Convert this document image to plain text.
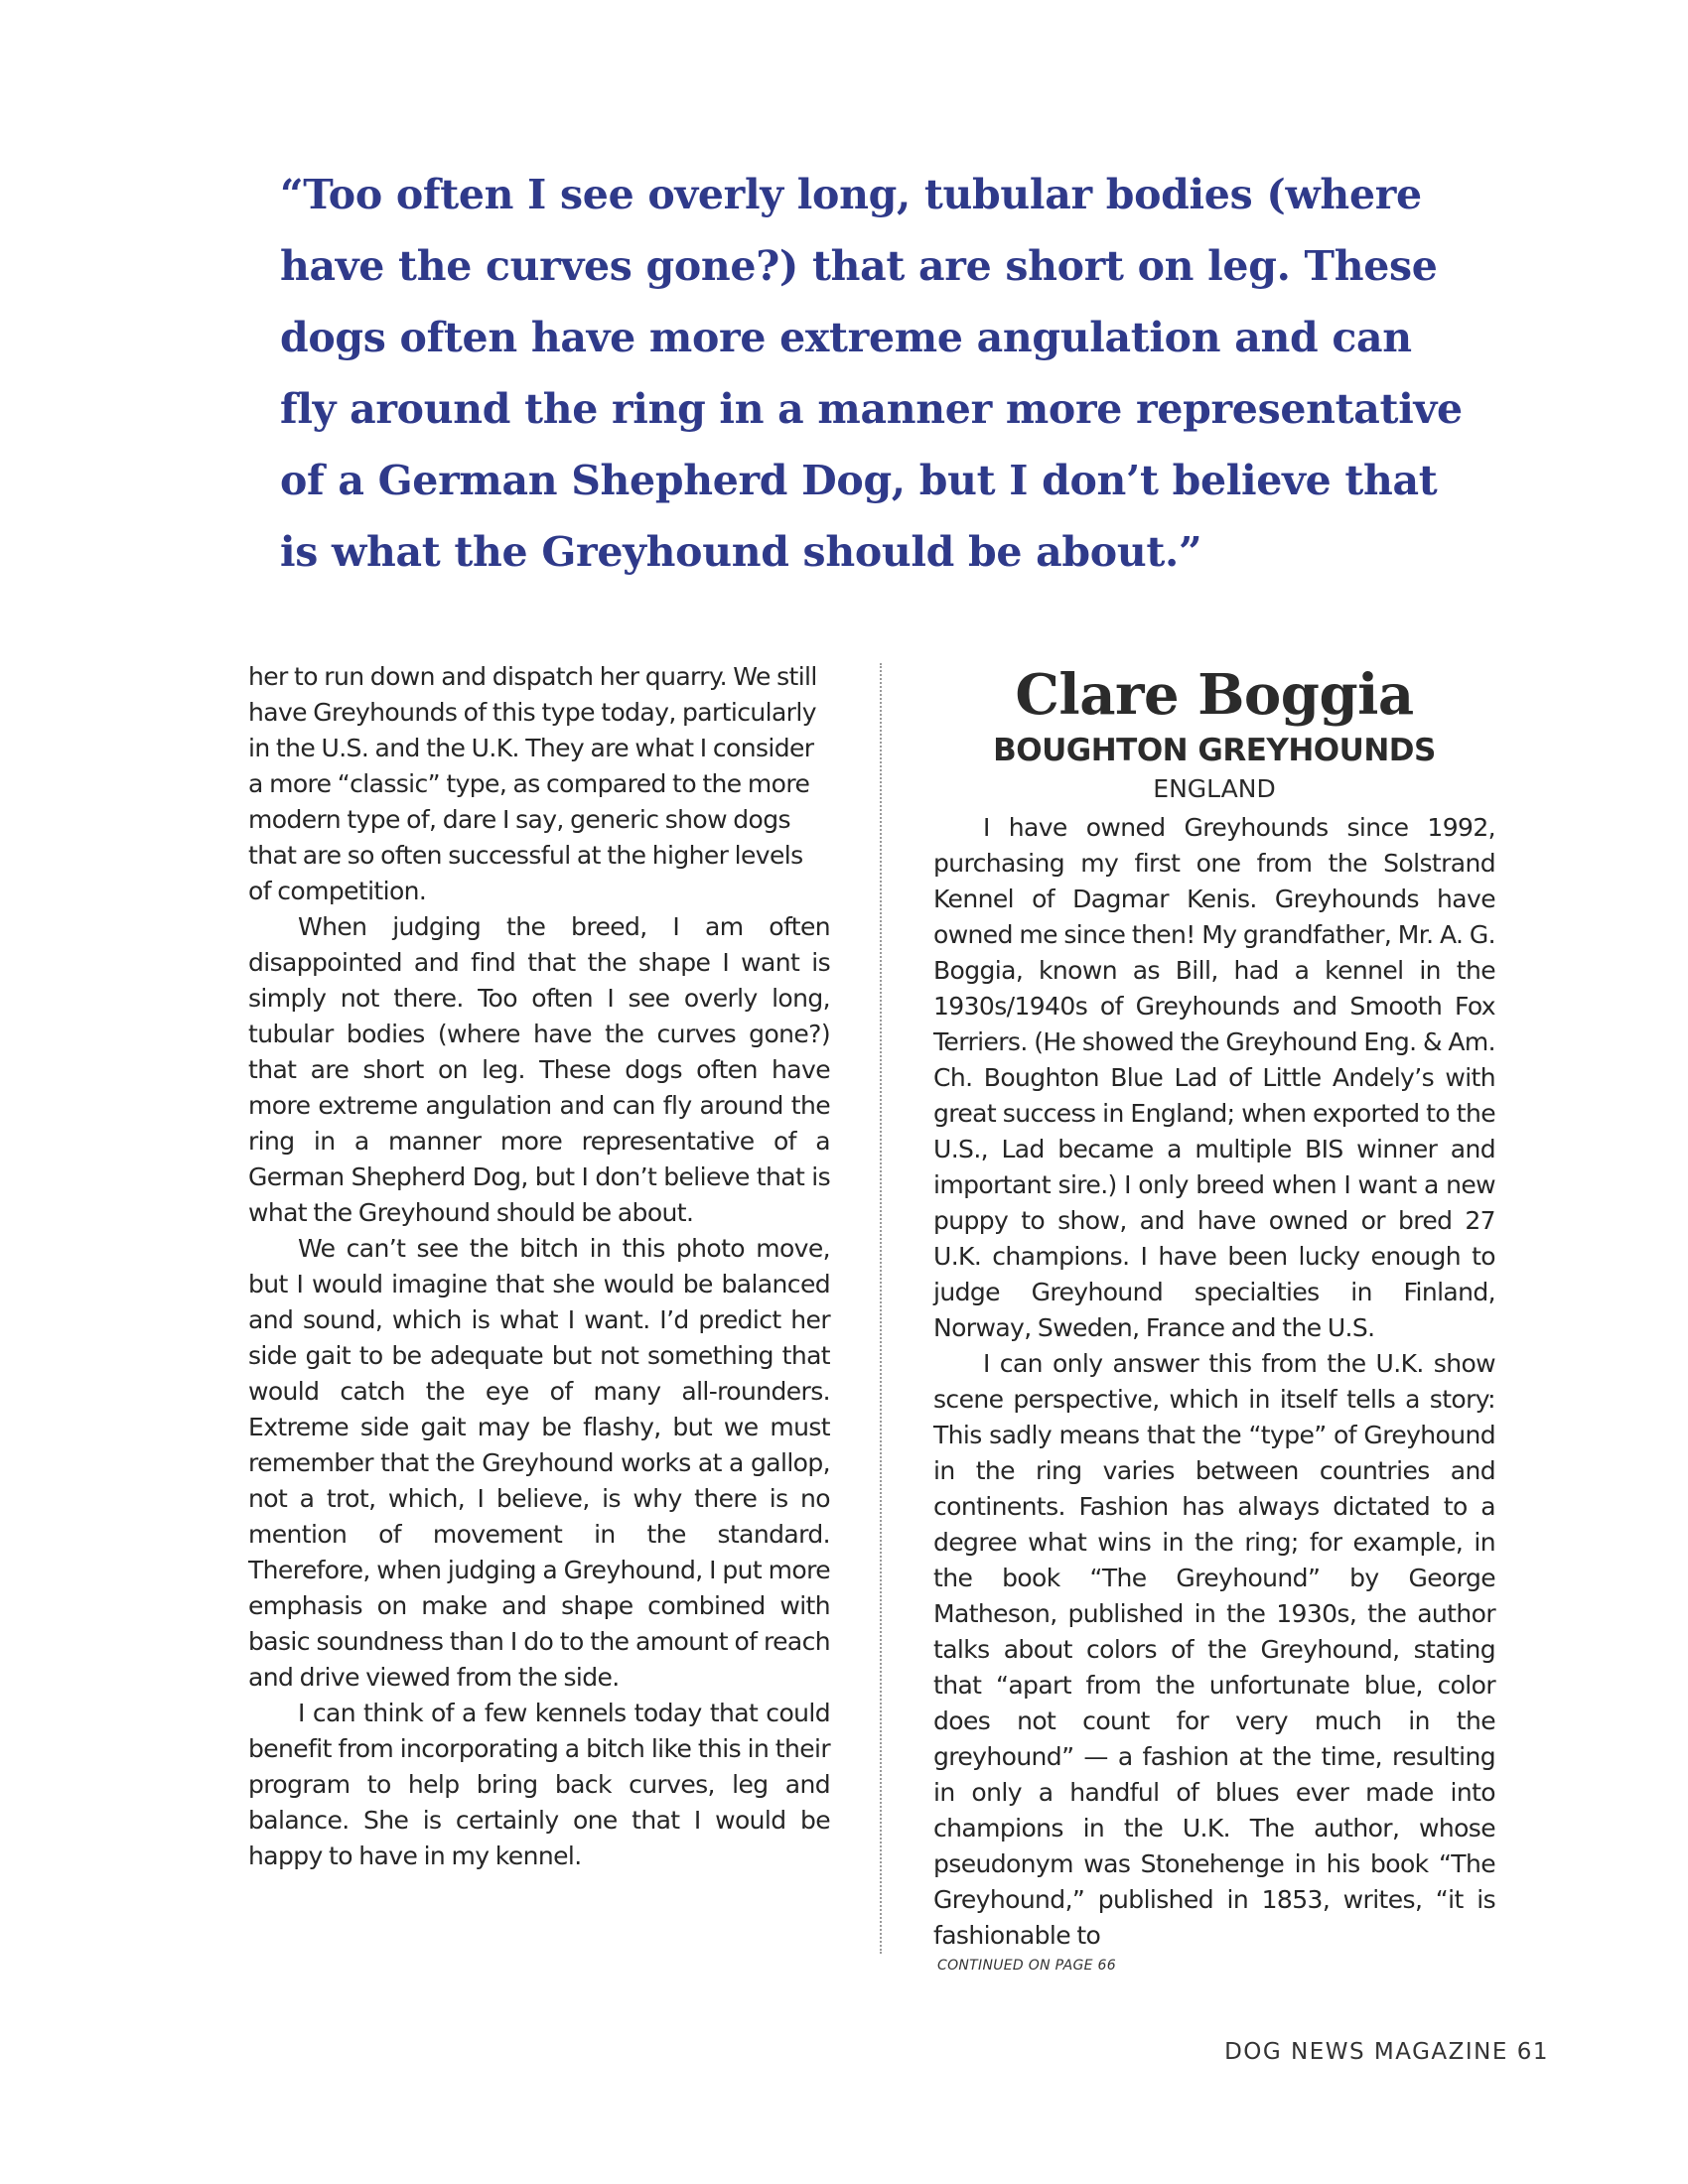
“Too often I see overly long, tubular bodies (where have the curves gone?) that are short on leg. These dogs often have more extreme angulation and can fly around the ring in a manner more representative of a German Shepherd Dog, but I don’t believe that is what the Greyhound should be about.”

her to run down and dispatch her quarry. We still have Greyhounds of this type today, particularly in the U.S. and the U.K. They are what I consider a more “classic” type, as compared to the more modern type of, dare I say, generic show dogs that are so often successful at the higher levels of competition.

When judging the breed, I am often disappointed and find that the shape I want is simply not there. Too often I see overly long, tubular bodies (where have the curves gone?) that are short on leg. These dogs often have more extreme angulation and can fly around the ring in a manner more representative of a German Shepherd Dog, but I don’t believe that is what the Greyhound should be about.

We can’t see the bitch in this photo move, but I would imagine that she would be balanced and sound, which is what I want. I’d predict her side gait to be adequate but not something that would catch the eye of many all-rounders. Extreme side gait may be flashy, but we must remember that the Greyhound works at a gallop, not a trot, which, I believe, is why there is no mention of movement in the standard. Therefore, when judging a Greyhound, I put more emphasis on make and shape combined with basic soundness than I do to the amount of reach and drive viewed from the side.

I can think of a few kennels today that could benefit from incorporating a bitch like this in their program to help bring back curves, leg and balance. She is certainly one that I would be happy to have in my kennel.

Clare Boggia
BOUGHTON GREYHOUNDS
ENGLAND

I have owned Greyhounds since 1992, purchasing my first one from the Solstrand Kennel of Dagmar Kenis. Greyhounds have owned me since then! My grandfather, Mr. A. G. Boggia, known as Bill, had a kennel in the 1930s/1940s of Greyhounds and Smooth Fox Terriers. (He showed the Greyhound Eng. & Am. Ch. Boughton Blue Lad of Little Andely’s with great success in England; when exported to the U.S., Lad became a multiple BIS winner and important sire.) I only breed when I want a new puppy to show, and have owned or bred 27 U.K. champions. I have been lucky enough to judge Greyhound specialties in Finland, Norway, Sweden, France and the U.S.

I can only answer this from the U.K. show scene perspective, which in itself tells a story: This sadly means that the “type” of Greyhound in the ring varies between countries and continents. Fashion has always dictated to a degree what wins in the ring; for example, in the book “The Greyhound” by George Matheson, published in the 1930s, the author talks about colors of the Greyhound, stating that “apart from the unfortunate blue, color does not count for very much in the greyhound” — a fashion at the time, resulting in only a handful of blues ever made into champions in the U.K. The author, whose pseudonym was Stonehenge in his book “The Greyhound,” published in 1853, writes, “it is fashionable to

CONTINUED ON PAGE 66
DOG NEWS MAGAZINE 61
